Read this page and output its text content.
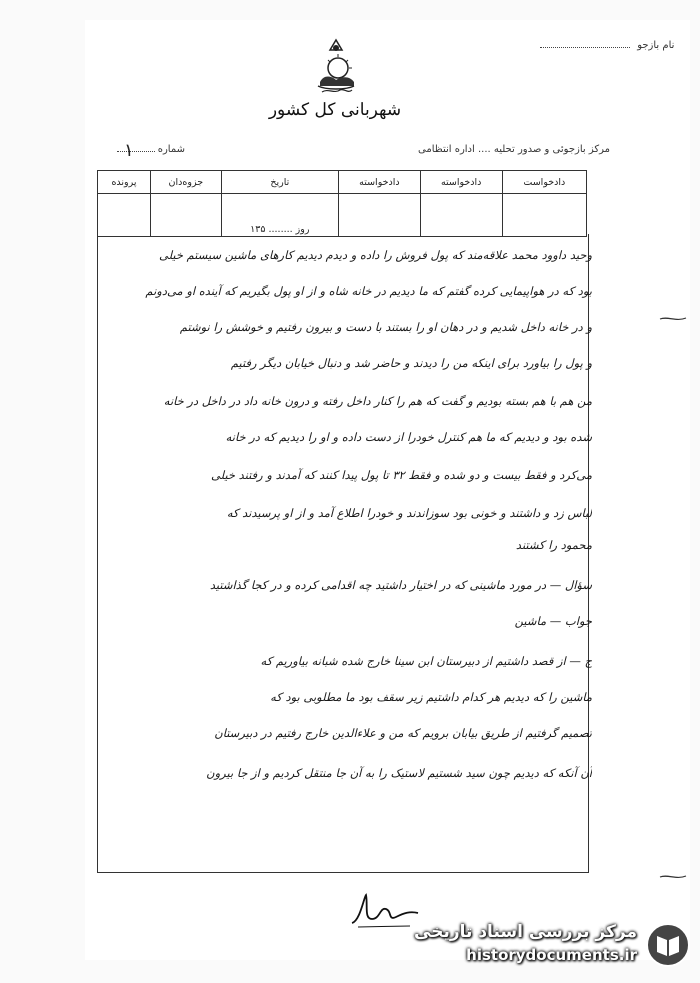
نام بازجو
شهربانی کل کشور
مرکز بازجوئی و صدور تحلیه .... اداره انتظامی
شماره
۱
دادخواست	دادخواسته	دادخواسته	تاریخ	جزوه‌دان	پرونده
			روز ........ ۱۳۵		

وحید داوود محمد علاقه‌مند که پول فروش را داده و دیدم دیدیم کارهای ماشین سیستم خیلی

بود که در هواپیمایی کرده گفتم که ما دیدیم در خانه شاه و از او پول بگیریم که آینده او می‌دونم

و در خانه داخل شدیم و در دهان او را بستند با دست و بیرون رفتیم و خوشش را نوشتم

و پول را بیاورد برای اینکه من را دیدند و حاضر شد و دنبال خیابان دیگر رفتیم

من هم با هم بسته بودیم و گفت که هم را کنار داخل رفته و درون خانه داد در داخل در خانه

شده بود و دیدیم که ما هم کنترل خودرا از دست داده و او را دیدیم که در خانه

می‌کرد و فقط بیست و دو شده و فقط ۳۲ تا پول پیدا کنند که آمدند و رفتند خیلی

لباس زد و داشتند و خونی بود سوزاندند و خودرا اطلاع آمد و از او پرسیدند که

محمود را کشتند

سؤال — در مورد ماشینی که در اختیار داشتید چه اقدامی کرده و در کجا گذاشتید

جواب — ماشین

ج — از قصد داشتیم از دبیرستان ابن سینا خارج شده شبانه بیاوریم که

ماشین را که دیدیم هر کدام داشتیم زیر سقف بود ما مطلوبی بود که

تصمیم گرفتیم از طریق بیابان برویم که من و علاءالدین خارج رفتیم در دبیرستان

آن آنکه که دیدیم چون سید شستیم لاستیک را به آن جا منتقل کردیم و از جا بیرون

مرکز بررسی اسناد تاریخی
historydocuments.ir
